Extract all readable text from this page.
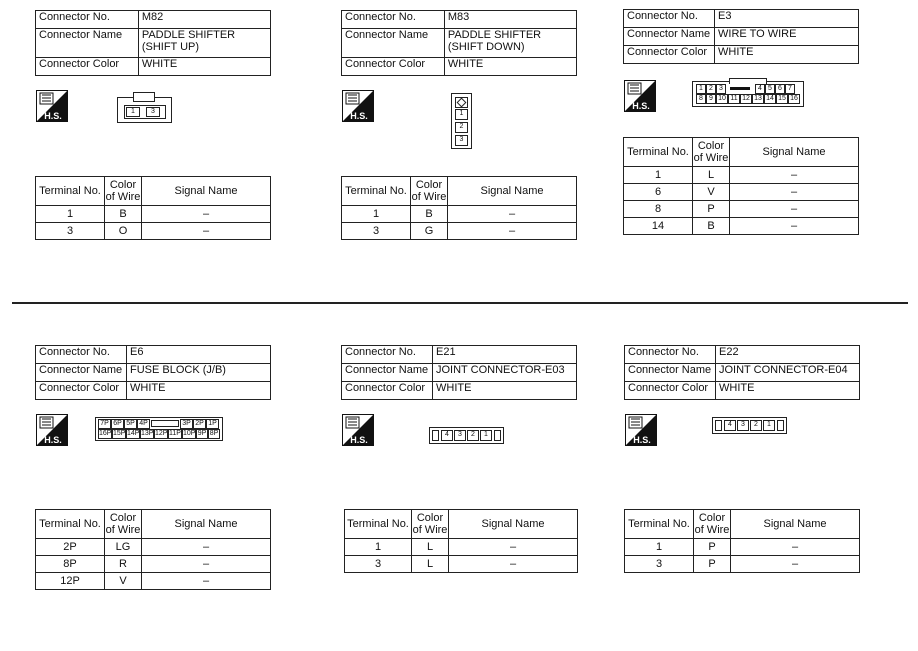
Connector No.	M82
Connector Name	PADDLE SHIFTER (SHIFT UP)
Connector Color	WHITE
H.S.	1	3
Terminal No.	Color of Wire	Signal Name
1	B	–
3	O	–
Connector No.	M83
Connector Name	PADDLE SHIFTER (SHIFT DOWN)
Connector Color	WHITE
H.S.	1
2
3
Terminal No.	Color of Wire	Signal Name
1	B	–
3	G	–
Connector No.	E3
Connector Name	WIRE TO WIRE
Connector Color	WHITE
H.S.
1 2 3	4 5 6 7
8 9 10 11 12 13 14 15 16
Terminal No.	Color of Wire	Signal Name
1	L	–
6	V	–
8	P	–
14	B	–
Connector No.	E6
Connector Name	FUSE BLOCK (J/B)
Connector Color	WHITE
H.S.
7P 6P 5P 4P	3P 2P 1P
16P 15P 14P 13P 12P 11P 10P 9P 8P
Terminal No.	Color of Wire	Signal Name
2P	LG	–
8P	R	–
12P	V	–
Connector No.	E21
Connector Name	JOINT CONNECTOR-E03
Connector Color	WHITE
H.S.
4	3	2	1
Terminal No.	Color of Wire	Signal Name
1	L	–
3	L	–
Connector No.	E22
Connector Name	JOINT CONNECTOR-E04
Connector Color	WHITE
H.S.
4	3	2	1
Terminal No.	Color of Wire	Signal Name
1	P	–
3	P	–
